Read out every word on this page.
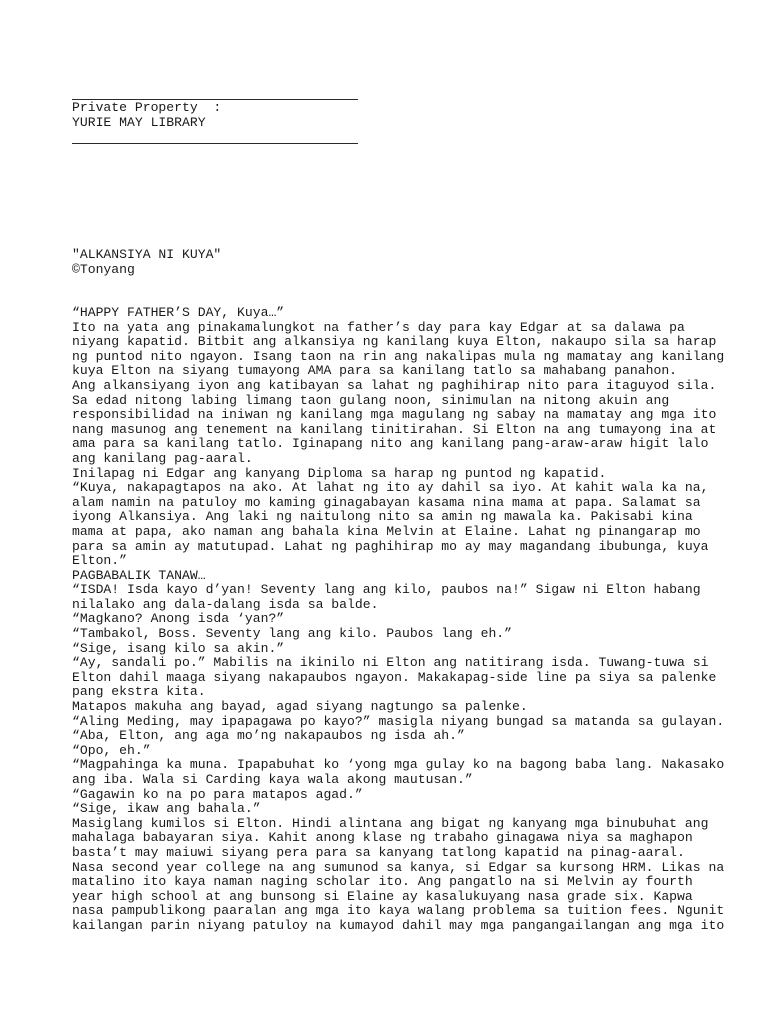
Private Property  :
YURIE MAY LIBRARY
"ALKANSIYA NI KUYA"
©Tonyang
“HAPPY FATHER’S DAY, Kuya…”
Ito na yata ang pinakamalungkot na father’s day para kay Edgar at sa dalawa pa
niyang kapatid. Bitbit ang alkansiya ng kanilang kuya Elton, nakaupo sila sa harap
ng puntod nito ngayon. Isang taon na rin ang nakalipas mula ng mamatay ang kanilang
kuya Elton na siyang tumayong AMA para sa kanilang tatlo sa mahabang panahon.
Ang alkansiyang iyon ang katibayan sa lahat ng paghihirap nito para itaguyod sila.
Sa edad nitong labing limang taon gulang noon, sinimulan na nitong akuin ang
responsibilidad na iniwan ng kanilang mga magulang ng sabay na mamatay ang mga ito
nang masunog ang tenement na kanilang tinitirahan. Si Elton na ang tumayong ina at
ama para sa kanilang tatlo. Iginapang nito ang kanilang pang-araw-araw higit lalo
ang kanilang pag-aaral.
Inilapag ni Edgar ang kanyang Diploma sa harap ng puntod ng kapatid.
“Kuya, nakapagtapos na ako. At lahat ng ito ay dahil sa iyo. At kahit wala ka na,
alam namin na patuloy mo kaming ginagabayan kasama nina mama at papa. Salamat sa
iyong Alkansiya. Ang laki ng naitulong nito sa amin ng mawala ka. Pakisabi kina
mama at papa, ako naman ang bahala kina Melvin at Elaine. Lahat ng pinangarap mo
para sa amin ay matutupad. Lahat ng paghihirap mo ay may magandang ibubunga, kuya
Elton.”
PAGBABALIK TANAW…
“ISDA! Isda kayo d’yan! Seventy lang ang kilo, paubos na!” Sigaw ni Elton habang
nilalako ang dala-dalang isda sa balde.
“Magkano? Anong isda ‘yan?”
“Tambakol, Boss. Seventy lang ang kilo. Paubos lang eh.”
“Sige, isang kilo sa akin.”
“Ay, sandali po.” Mabilis na ikinilo ni Elton ang natitirang isda. Tuwang-tuwa si
Elton dahil maaga siyang nakapaubos ngayon. Makakapag-side line pa siya sa palenke
pang ekstra kita.
Matapos makuha ang bayad, agad siyang nagtungo sa palenke.
“Aling Meding, may ipapagawa po kayo?” masigla niyang bungad sa matanda sa gulayan.
“Aba, Elton, ang aga mo’ng nakapaubos ng isda ah.”
“Opo, eh.”
“Magpahinga ka muna. Ipapabuhat ko ‘yong mga gulay ko na bagong baba lang. Nakasako
ang iba. Wala si Carding kaya wala akong mautusan.”
“Gagawin ko na po para matapos agad.”
“Sige, ikaw ang bahala.”
Masiglang kumilos si Elton. Hindi alintana ang bigat ng kanyang mga binubuhat ang
mahalaga babayaran siya. Kahit anong klase ng trabaho ginagawa niya sa maghapon
basta’t may maiuwi siyang pera para sa kanyang tatlong kapatid na pinag-aaral.
Nasa second year college na ang sumunod sa kanya, si Edgar sa kursong HRM. Likas na
matalino ito kaya naman naging scholar ito. Ang pangatlo na si Melvin ay fourth
year high school at ang bunsong si Elaine ay kasalukuyang nasa grade six. Kapwa
nasa pampublikong paaralan ang mga ito kaya walang problema sa tuition fees. Ngunit
kailangan parin niyang patuloy na kumayod dahil may mga pangangailangan ang mga ito
